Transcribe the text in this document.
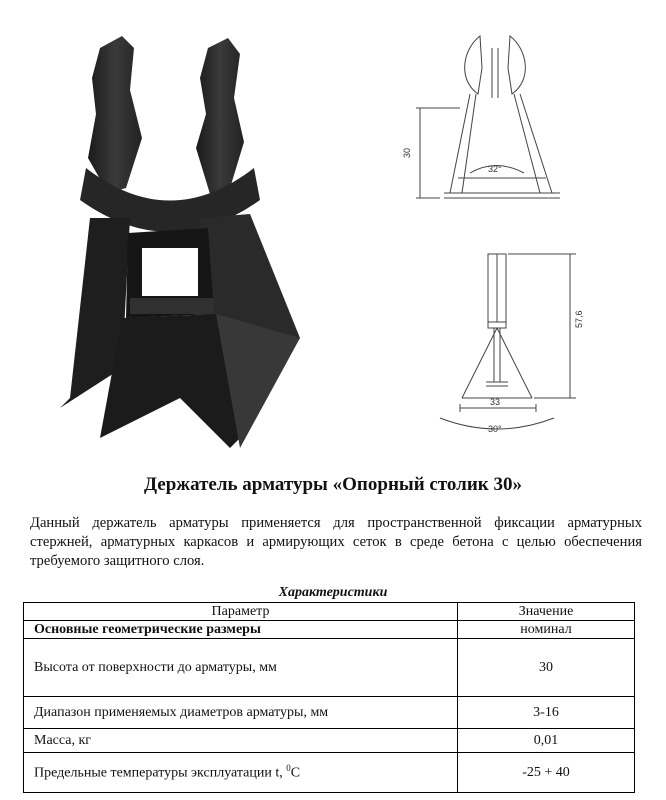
30
32°
57,6
33
30°
Держатель арматуры «Опорный столик 30»
Данный держатель арматуры применяется для пространственной фиксации арматурных стержней, арматурных каркасов и армирующих сеток в среде бетона с целью обеспечения требуемого защитного слоя.
Характеристики
Параметр	Значение
Основные геометрические размеры	номинал
Высота от поверхности до арматуры, мм	30
Диапазон применяемых диаметров арматуры, мм	3-16
Масса, кг	0,01
Предельные температуры эксплуатации t, $^0$C	-25 + 40
